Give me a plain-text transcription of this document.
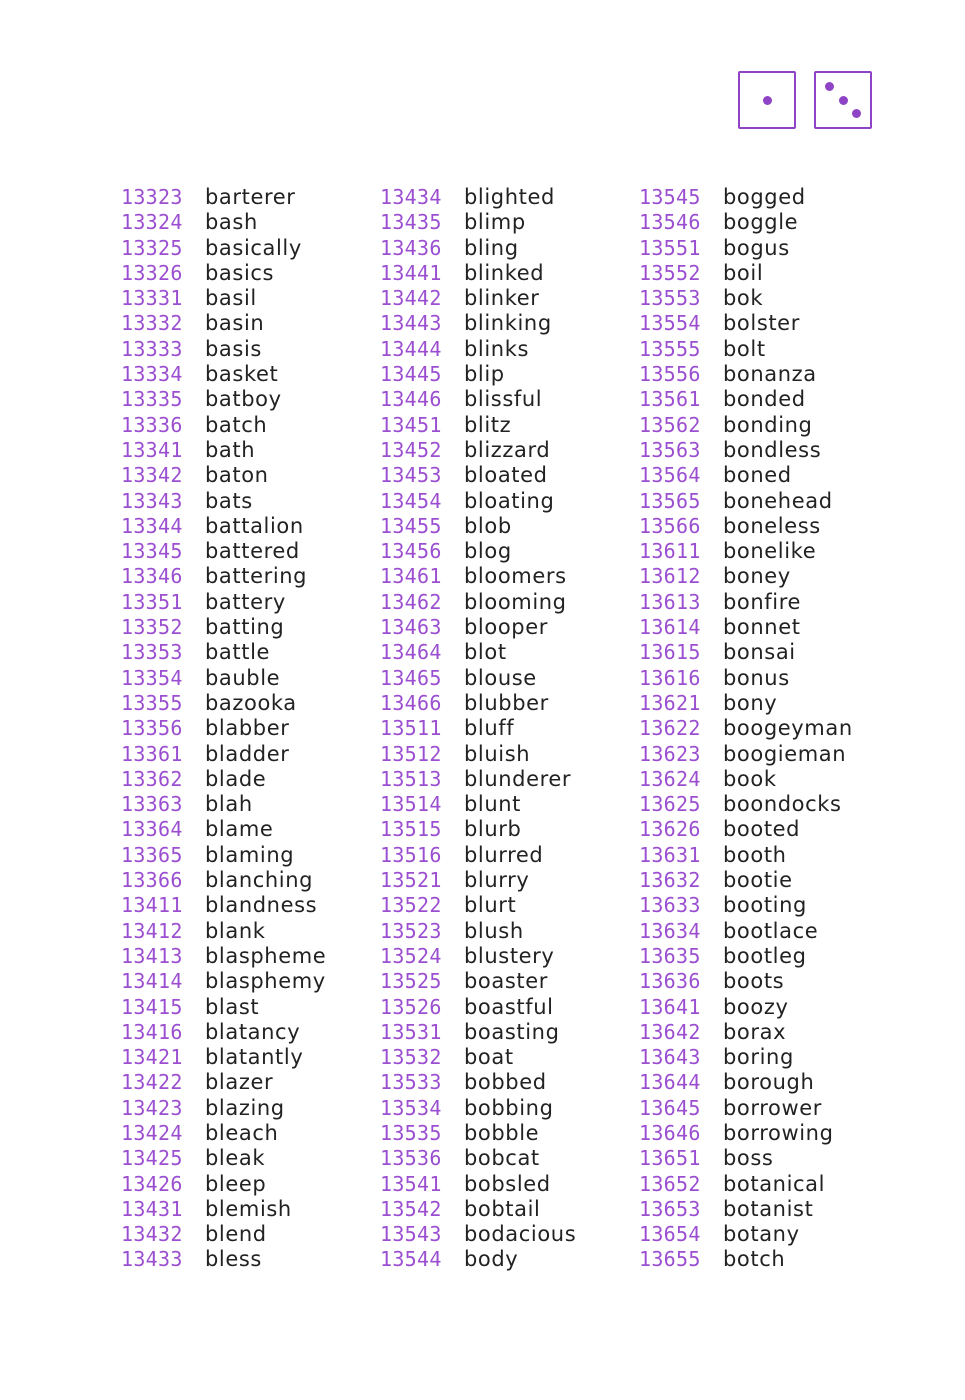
13323	barterer
13324	bash
13325	basically
13326	basics
13331	basil
13332	basin
13333	basis
13334	basket
13335	batboy
13336	batch
13341	bath
13342	baton
13343	bats
13344	battalion
13345	battered
13346	battering
13351	battery
13352	batting
13353	battle
13354	bauble
13355	bazooka
13356	blabber
13361	bladder
13362	blade
13363	blah
13364	blame
13365	blaming
13366	blanching
13411	blandness
13412	blank
13413	blaspheme
13414	blasphemy
13415	blast
13416	blatancy
13421	blatantly
13422	blazer
13423	blazing
13424	bleach
13425	bleak
13426	bleep
13431	blemish
13432	blend
13433	bless
13434	blighted
13435	blimp
13436	bling
13441	blinked
13442	blinker
13443	blinking
13444	blinks
13445	blip
13446	blissful
13451	blitz
13452	blizzard
13453	bloated
13454	bloating
13455	blob
13456	blog
13461	bloomers
13462	blooming
13463	blooper
13464	blot
13465	blouse
13466	blubber
13511	bluff
13512	bluish
13513	blunderer
13514	blunt
13515	blurb
13516	blurred
13521	blurry
13522	blurt
13523	blush
13524	blustery
13525	boaster
13526	boastful
13531	boasting
13532	boat
13533	bobbed
13534	bobbing
13535	bobble
13536	bobcat
13541	bobsled
13542	bobtail
13543	bodacious
13544	body
13545	bogged
13546	boggle
13551	bogus
13552	boil
13553	bok
13554	bolster
13555	bolt
13556	bonanza
13561	bonded
13562	bonding
13563	bondless
13564	boned
13565	bonehead
13566	boneless
13611	bonelike
13612	boney
13613	bonfire
13614	bonnet
13615	bonsai
13616	bonus
13621	bony
13622	boogeyman
13623	boogieman
13624	book
13625	boondocks
13626	booted
13631	booth
13632	bootie
13633	booting
13634	bootlace
13635	bootleg
13636	boots
13641	boozy
13642	borax
13643	boring
13644	borough
13645	borrower
13646	borrowing
13651	boss
13652	botanical
13653	botanist
13654	botany
13655	botch
